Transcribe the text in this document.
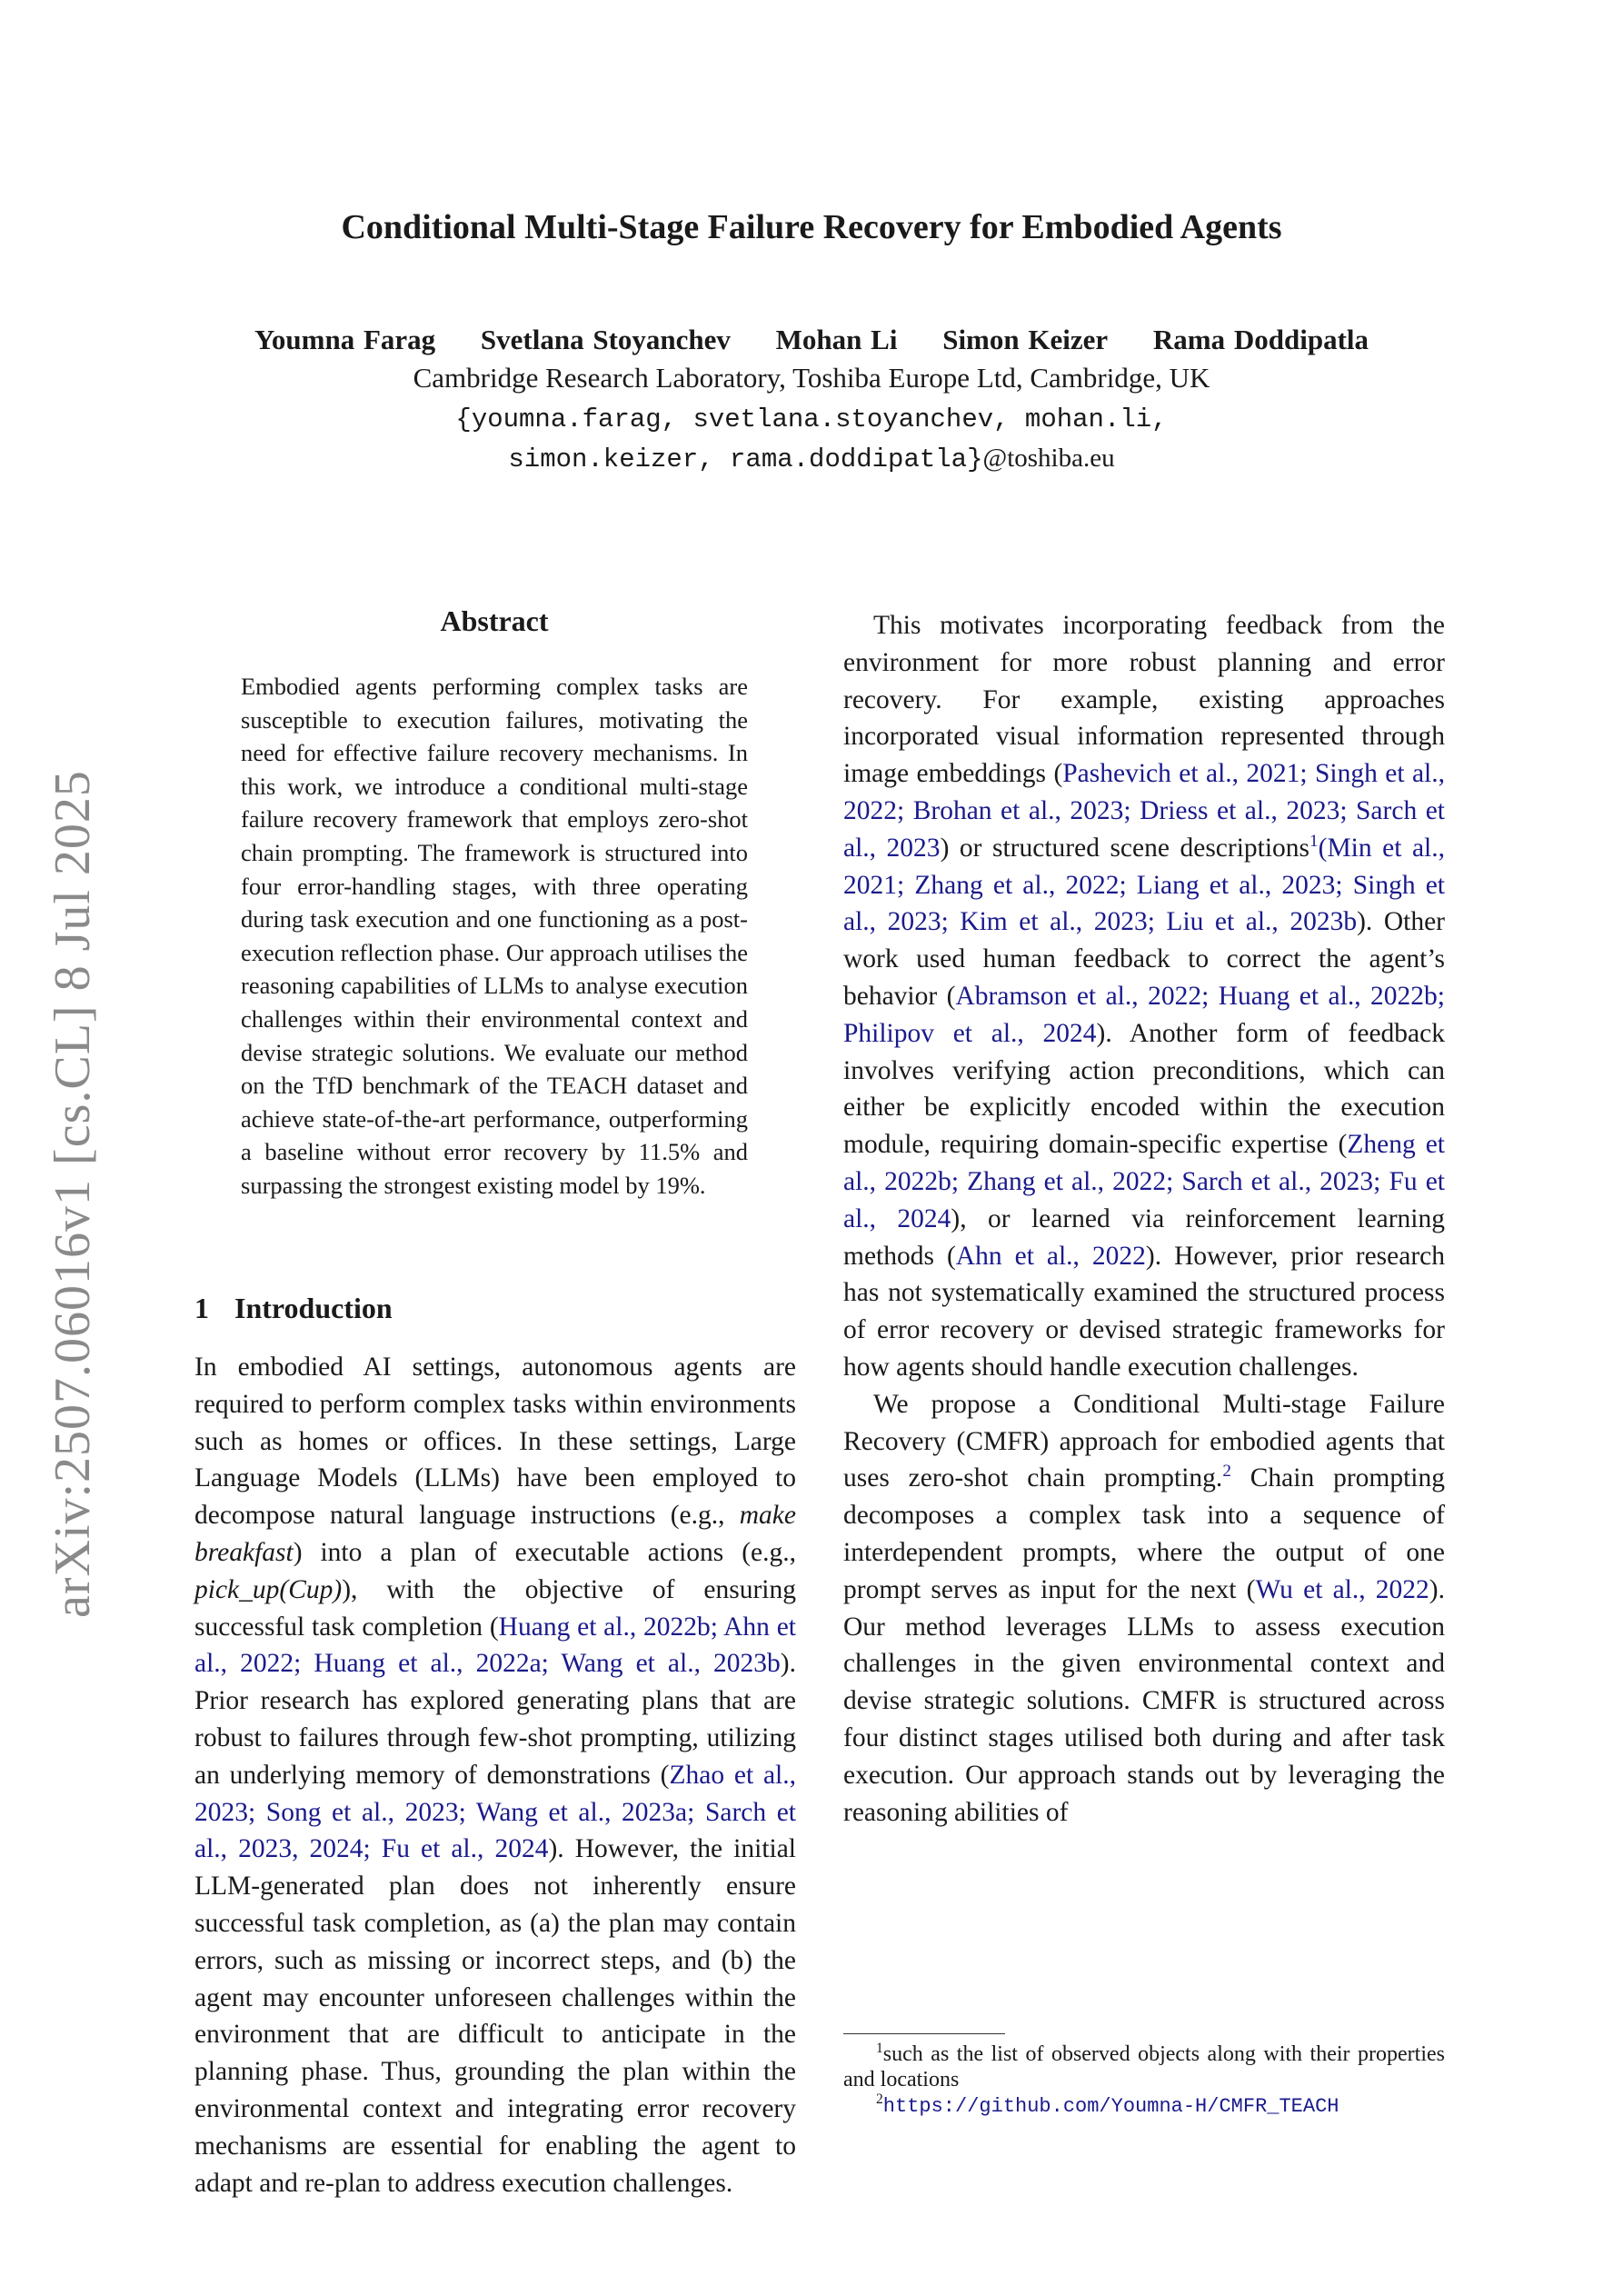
arXiv:2507.06016v1 [cs.CL] 8 Jul 2025
Conditional Multi-Stage Failure Recovery for Embodied Agents
Youmna Farag Svetlana Stoyanchev Mohan Li Simon Keizer Rama Doddipatla
Cambridge Research Laboratory, Toshiba Europe Ltd, Cambridge, UK
{youmna.farag, svetlana.stoyanchev, mohan.li,
simon.keizer, rama.doddipatla}@toshiba.eu
Abstract
Embodied agents performing complex tasks are susceptible to execution failures, motivating the need for effective failure recovery mechanisms. In this work, we introduce a conditional multi-stage failure recovery framework that employs zero-shot chain prompting. The framework is structured into four error-handling stages, with three operating during task execution and one functioning as a post-execution reflection phase. Our approach utilises the reasoning capabilities of LLMs to analyse execution challenges within their environmental context and devise strategic solutions. We evaluate our method on the TfD benchmark of the TEACH dataset and achieve state-of-the-art performance, outperforming a baseline without error recovery by 11.5% and surpassing the strongest existing model by 19%.
1 Introduction

In embodied AI settings, autonomous agents are required to perform complex tasks within environments such as homes or offices. In these settings, Large Language Models (LLMs) have been employed to decompose natural language instructions (e.g., make breakfast) into a plan of executable actions (e.g., pick_up(Cup)), with the objective of ensuring successful task completion (Huang et al., 2022b; Ahn et al., 2022; Huang et al., 2022a; Wang et al., 2023b). Prior research has explored generating plans that are robust to failures through few-shot prompting, utilizing an underlying memory of demonstrations (Zhao et al., 2023; Song et al., 2023; Wang et al., 2023a; Sarch et al., 2023, 2024; Fu et al., 2024). However, the initial LLM-generated plan does not inherently ensure successful task completion, as (a) the plan may contain errors, such as missing or incorrect steps, and (b) the agent may encounter unforeseen challenges within the environment that are difficult to anticipate in the planning phase. Thus, grounding the plan within the environmental context and integrating error recovery mechanisms are essential for enabling the agent to adapt and re-plan to address execution challenges.

This motivates incorporating feedback from the environment for more robust planning and error recovery. For example, existing approaches incorporated visual information represented through image embeddings (Pashevich et al., 2021; Singh et al., 2022; Brohan et al., 2023; Driess et al., 2023; Sarch et al., 2023) or structured scene descriptions$^1$(Min et al., 2021; Zhang et al., 2022; Liang et al., 2023; Singh et al., 2023; Kim et al., 2023; Liu et al., 2023b). Other work used human feedback to correct the agent’s behavior (Abramson et al., 2022; Huang et al., 2022b; Philipov et al., 2024). Another form of feedback involves verifying action preconditions, which can either be explicitly encoded within the execution module, requiring domain-specific expertise (Zheng et al., 2022b; Zhang et al., 2022; Sarch et al., 2023; Fu et al., 2024), or learned via reinforcement learning methods (Ahn et al., 2022). However, prior research has not systematically examined the structured process of error recovery or devised strategic frameworks for how agents should handle execution challenges.

We propose a Conditional Multi-stage Failure Recovery (CMFR) approach for embodied agents that uses zero-shot chain prompting.$^2$ Chain prompting decomposes a complex task into a sequence of interdependent prompts, where the output of one prompt serves as input for the next (Wu et al., 2022). Our method leverages LLMs to assess execution challenges in the given environmental context and devise strategic solutions. CMFR is structured across four distinct stages utilised both during and after task execution. Our approach stands out by leveraging the reasoning abilities of

$^1$such as the list of observed objects along with their properties and locations

$^2$https://github.com/Youmna-H/CMFR_TEACH
